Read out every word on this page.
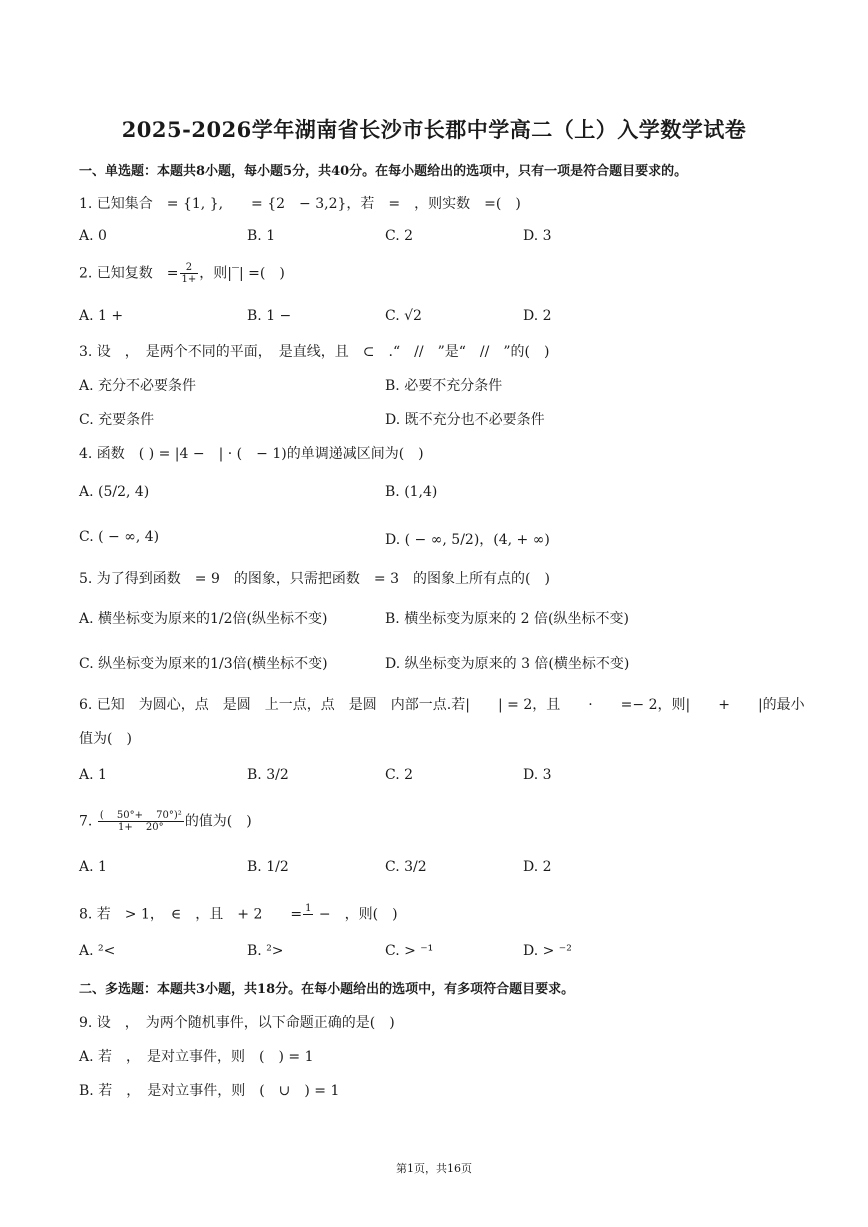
2025-2026学年湖南省长沙市长郡中学高二（上）入学数学试卷
一、单选题：本题共8小题，每小题5分，共40分。在每小题给出的选项中，只有一项是符合题目要求的。
1. 已知集合　= {1, },　　= {2　− 3,2}，若　=　，则实数　=(　)
A. 0	B. 1	C. 2	D. 3
2. 已知复数　= $\frac{2}{1+}$ ，则|‾| =(　)
A. 1 +	B. 1 −	C. √2	D. 2
3. 设　，　是两个不同的平面，　是直线，且　⊂　.“　//　”是“　//　”的(　)
A. 充分不必要条件	B. 必要不充分条件
C. 充要条件	D. 既不充分也不必要条件
4. 函数　( ) = |4 −　| · (　− 1)的单调递减区间为(　)
A. (5/2, 4)	B. (1,4)
C. ( − ∞, 4)	D. ( − ∞, 5/2)，(4, + ∞)
5. 为了得到函数　= 9　的图象，只需把函数　= 3　的图象上所有点的(　)
A. 横坐标变为原来的1/2倍(纵坐标不变)	B. 横坐标变为原来的 2 倍(纵坐标不变)
C. 纵坐标变为原来的1/3倍(横坐标不变)	D. 纵坐标变为原来的 3 倍(横坐标不变)
6. 已知　为圆心，点　是圆　上一点，点　是圆　内部一点.若|　　| = 2，且　　·　　=− 2，则|　　+　　|的最小
值为(　)
A. 1	B. 3/2	C. 2	D. 3
7. $\frac{\text{(　 50°+　 70°)²}}{1+ 20^\circ}$ 的值为(　)
A. 1	B. 1/2	C. 3/2	D. 2
8. 若　> 1，　∈　，且　+ 2　　= 1
−　，则(　)
A. ²<	B. ²>	C. > ⁻¹	D. > ⁻²
二、多选题：本题共3小题，共18分。在每小题给出的选项中，有多项符合题目要求。
9. 设　，　为两个随机事件，以下命题正确的是(　)
A. 若　，　是对立事件，则　(　) = 1
B. 若　，　是对立事件，则　(　∪　) = 1
第1页，共16页
